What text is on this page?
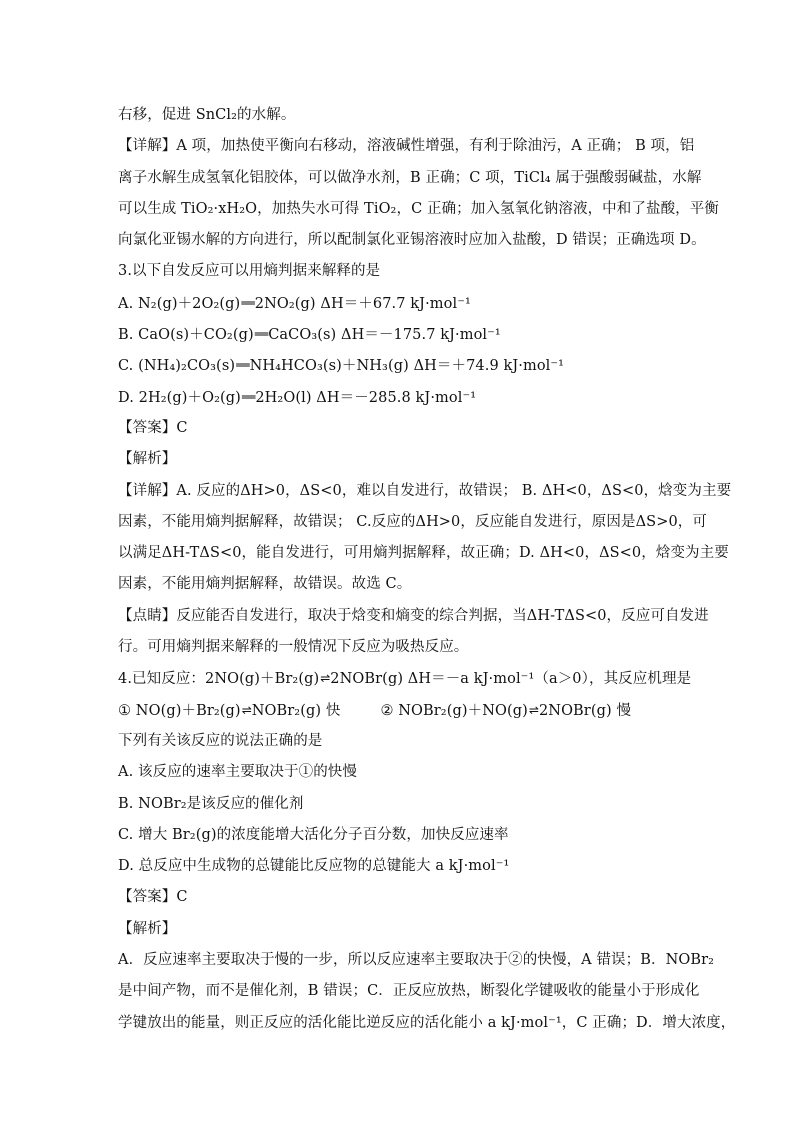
右移，促进 SnCl₂的水解。
【详解】A 项，加热使平衡向右移动，溶液碱性增强，有利于除油污，A 正确； B 项，铝
离子水解生成氢氧化铝胶体，可以做净水剂，B 正确；C 项，TiCl₄ 属于强酸弱碱盐，水解
可以生成 TiO₂·xH₂O，加热失水可得 TiO₂，C 正确；加入氢氧化钠溶液，中和了盐酸，平衡
向氯化亚锡水解的方向进行，所以配制氯化亚锡溶液时应加入盐酸，D 错误；正确选项 D。
3.以下自发反应可以用熵判据来解释的是
A. N₂(g)＋2O₂(g)══2NO₂(g) ΔH＝＋67.7 kJ·mol⁻¹
B. CaO(s)＋CO₂(g)══CaCO₃(s) ΔH＝－175.7 kJ·mol⁻¹
C. (NH₄)₂CO₃(s)══NH₄HCO₃(s)＋NH₃(g) ΔH＝＋74.9 kJ·mol⁻¹
D. 2H₂(g)＋O₂(g)══2H₂O(l) ΔH＝－285.8 kJ·mol⁻¹
【答案】C
【解析】
【详解】A. 反应的ΔH>0，ΔS<0，难以自发进行，故错误； B. ΔH<0，ΔS<0，焓变为主要
因素，不能用熵判据解释，故错误； C.反应的ΔH>0，反应能自发进行，原因是ΔS>0，可
以满足ΔH-TΔS<0，能自发进行，可用熵判据解释，故正确；D. ΔH<0，ΔS<0，焓变为主要
因素，不能用熵判据解释，故错误。故选 C。
【点睛】反应能否自发进行，取决于焓变和熵变的综合判据，当ΔH-TΔS<0，反应可自发进
行。可用熵判据来解释的一般情况下反应为吸热反应。
4.已知反应：2NO(g)＋Br₂(g)⇌2NOBr(g) ΔH＝－a kJ·mol⁻¹（a＞0），其反应机理是
① NO(g)＋Br₂(g)⇌NOBr₂(g) 快	② NOBr₂(g)＋NO(g)⇌2NOBr(g) 慢
下列有关该反应的说法正确的是
A. 该反应的速率主要取决于①的快慢
B. NOBr₂是该反应的催化剂
C. 增大 Br₂(g)的浓度能增大活化分子百分数，加快反应速率
D. 总反应中生成物的总键能比反应物的总键能大 a kJ·mol⁻¹
【答案】C
【解析】
A．反应速率主要取决于慢的一步，所以反应速率主要取决于②的快慢，A 错误；B．NOBr₂
是中间产物，而不是催化剂，B 错误；C．正反应放热，断裂化学键吸收的能量小于形成化
学键放出的能量，则正反应的活化能比逆反应的活化能小 a kJ·mol⁻¹，C 正确；D．增大浓度，
